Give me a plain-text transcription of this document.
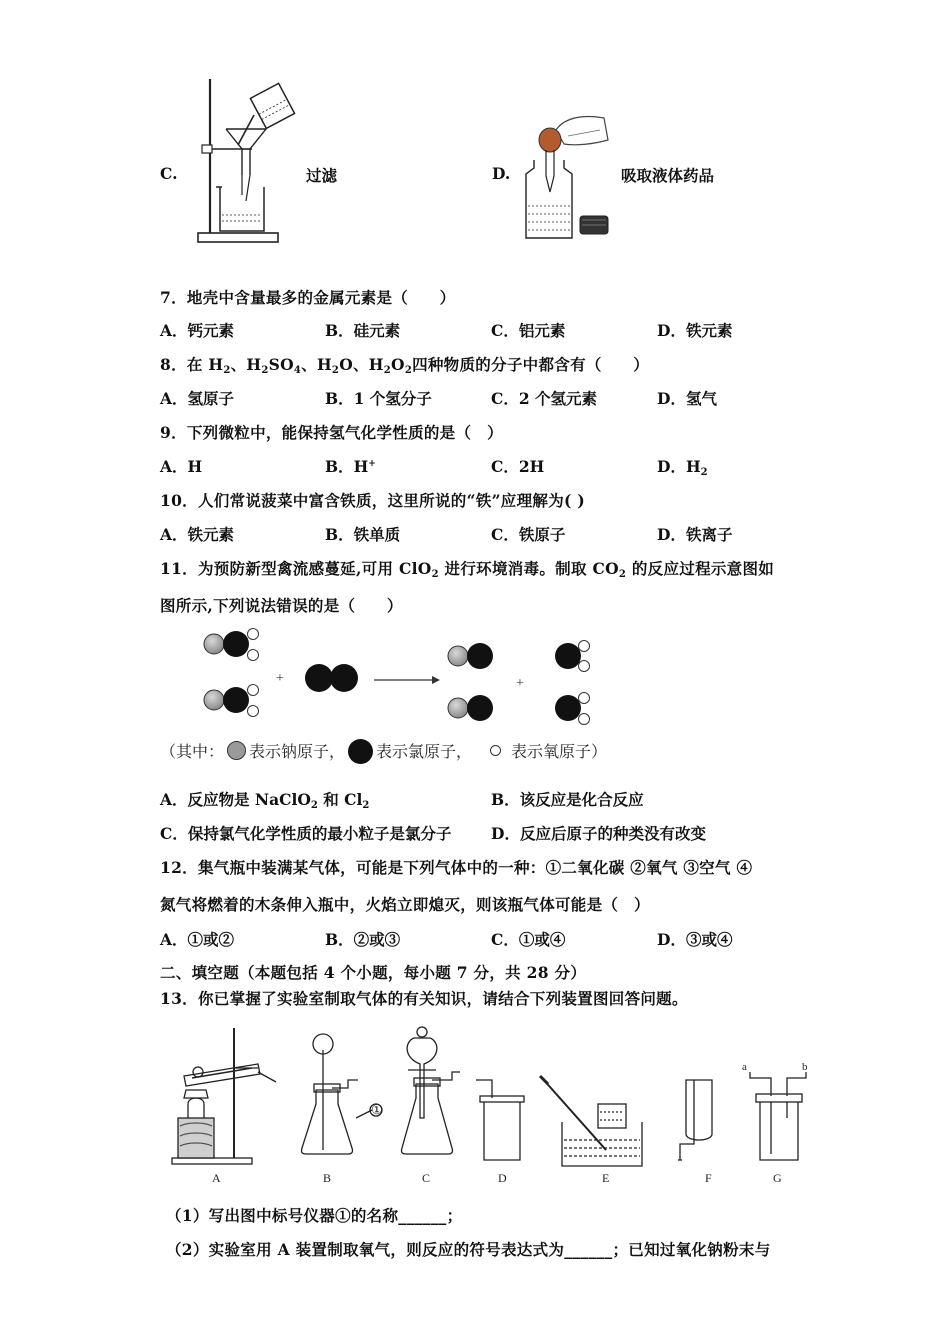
C.	过滤	D.	吸取液体药品
7．地壳中含量最多的金属元素是（　　）
A．钙元素	B．硅元素	C．铝元素	D．铁元素
8．在 $H_2$、$H_2SO_4$、$H_2O$、$H_2O_2$四种物质的分子中都含有（　　）
A．氢原子	B．1 个氢分子	C．2 个氢元素	D．氢气
9．下列微粒中，能保持氢气化学性质的是（　）
A．H	B．H+	C．2H	D．$H_2$
10．人们常说菠菜中富含铁质，这里所说的“铁”应理解为( )
A．铁元素	B．铁单质	C．铁原子	D．铁离子
11．为预防新型禽流感蔓延,可用 ClO$_2$ 进行环境消毒。制取 $CO_2$ 的反应过程示意图如
图所示,下列说法错误的是（　　）
+	+
（其中： 表示钠原子， 表示氯原子， 表示氧原子）
A．反应物是 NaClO$_2$ 和 $Cl_2$	B．该反应是化合反应
C．保持氯气化学性质的最小粒子是氯分子	D．反应后原子的种类没有改变
12．集气瓶中装满某气体，可能是下列气体中的一种：①二氧化碳 ②氧气 ③空气 ④
氮气将燃着的木条伸入瓶中，火焰立即熄灭，则该瓶气体可能是（　）
A．①或②	B．②或③	C．①或④	D．③或④
二、填空题（本题包括 4 个小题，每小题 7 分，共 28 分）
13．你已掌握了实验室制取气体的有关知识，请结合下列装置图回答问题。
①
a	b
A	B	C	D	E	F	G
（1）写出图中标号仪器①的名称______；
（2）实验室用 A 装置制取氧气，则反应的符号表达式为______；已知过氧化钠粉末与
